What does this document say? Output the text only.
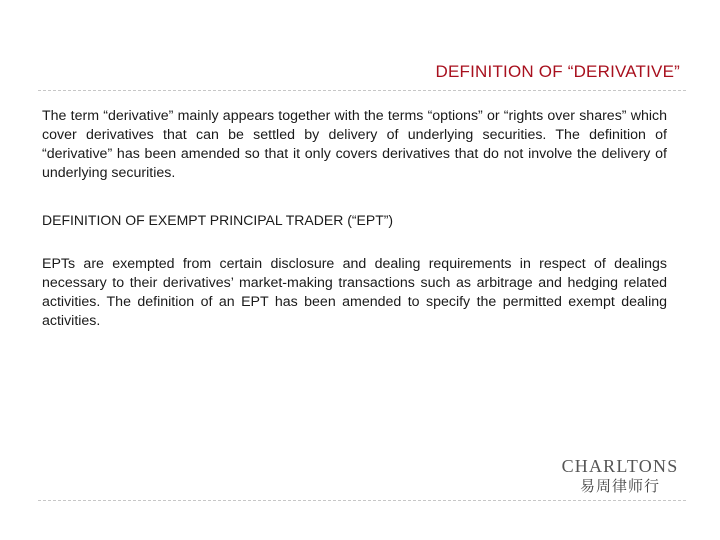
DEFINITION OF “DERIVATIVE”

The term “derivative” mainly appears together with the terms “options” or “rights over shares” which cover derivatives that can be settled by delivery of underlying securities. The definition of “derivative” has been amended so that it only covers derivatives that do not involve the delivery of underlying securities.

DEFINITION OF EXEMPT PRINCIPAL TRADER (“EPT”)

EPTs are exempted from certain disclosure and dealing requirements in respect of dealings necessary to their derivatives’ market-making transactions such as arbitrage and hedging related activities. The definition of an EPT has been amended to specify the permitted exempt dealing activities.

CHARLTONS
易周律师行
